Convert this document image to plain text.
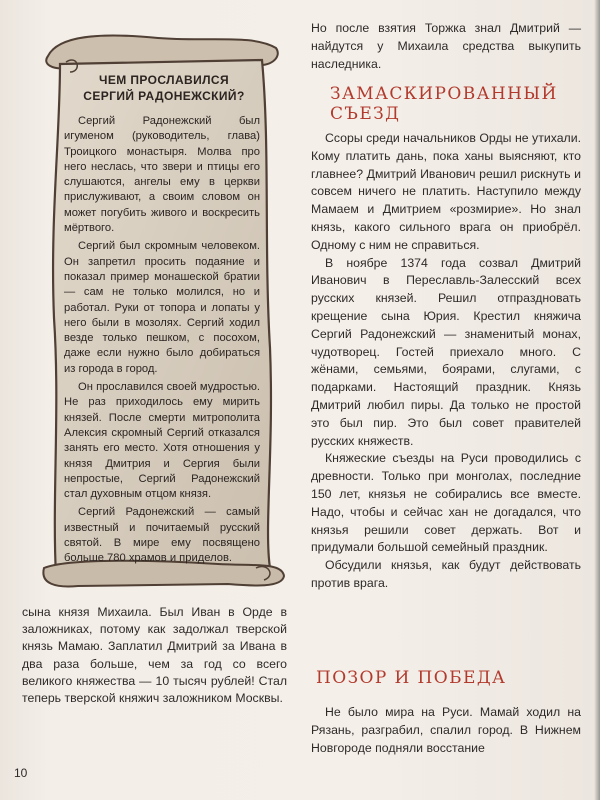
ЧЕМ ПРОСЛАВИЛСЯ
СЕРГИЙ РАДОНЕЖСКИЙ?

Сергий Радонежский был игуменом (руководитель, глава) Троицкого монастыря. Молва про него неслась, что звери и птицы его слушаются, ангелы ему в церкви прислуживают, а своим словом он может погубить живого и воскресить мёртвого.

Сергий был скромным человеком. Он запретил просить подаяние и показал пример монашеской братии — сам не только молился, но и работал. Руки от топора и лопаты у него были в мозолях. Сергий ходил везде только пешком, с посохом, даже если нужно было добираться из города в город.

Он прославился своей мудростью. Не раз приходилось ему мирить князей. После смерти митрополита Алексия скромный Сергий отказался занять его место. Хотя отношения у князя Дмитрия и Сергия были непростые, Сергий Радонежский стал духовным отцом князя.

Сергий Радонежский — самый известный и почитаемый русский святой. В мире ему посвящено больше 780 храмов и приделов.

сына князя Михаила. Был Иван в Орде в заложниках, потому как задолжал тверской князь Мамаю. Заплатил Дмитрий за Ивана в два раза больше, чем за год со всего великого княжества — 10 тысяч рублей! Стал теперь тверской княжич заложником Москвы.

Но после взятия Торжка знал Дмитрий — найдутся у Михаила средства выкупить наследника.

ЗАМАСКИРОВАННЫЙ
СЪЕЗД

Ссоры среди начальников Орды не утихали. Кому платить дань, пока ханы выясняют, кто главнее? Дмитрий Иванович решил рискнуть и совсем ничего не платить. Наступило между Мамаем и Дмитрием «розмирие». Но знал князь, какого сильного врага он приобрёл. Одному с ним не справиться.

В ноябре 1374 года созвал Дмитрий Иванович в Переславль-Залесский всех русских князей. Решил отпраздновать крещение сына Юрия. Крестил княжича Сергий Радонежский — знаменитый монах, чудотворец. Гостей приехало много. С жёнами, семьями, боярами, слугами, с подарками. Настоящий праздник. Князь Дмитрий любил пиры. Да только не простой это был пир. Это был совет правителей русских княжеств.

Княжеские съезды на Руси проводились с древности. Только при монголах, последние 150 лет, князья не собирались все вместе. Надо, чтобы и сейчас хан не догадался, что князья решили совет держать. Вот и придумали большой семейный праздник.

Обсудили князья, как будут действовать против врага.

ПОЗОР И ПОБЕДА

Не было мира на Руси. Мамай ходил на Рязань, разграбил, спалил город. В Нижнем Новгороде подняли восстание

10
